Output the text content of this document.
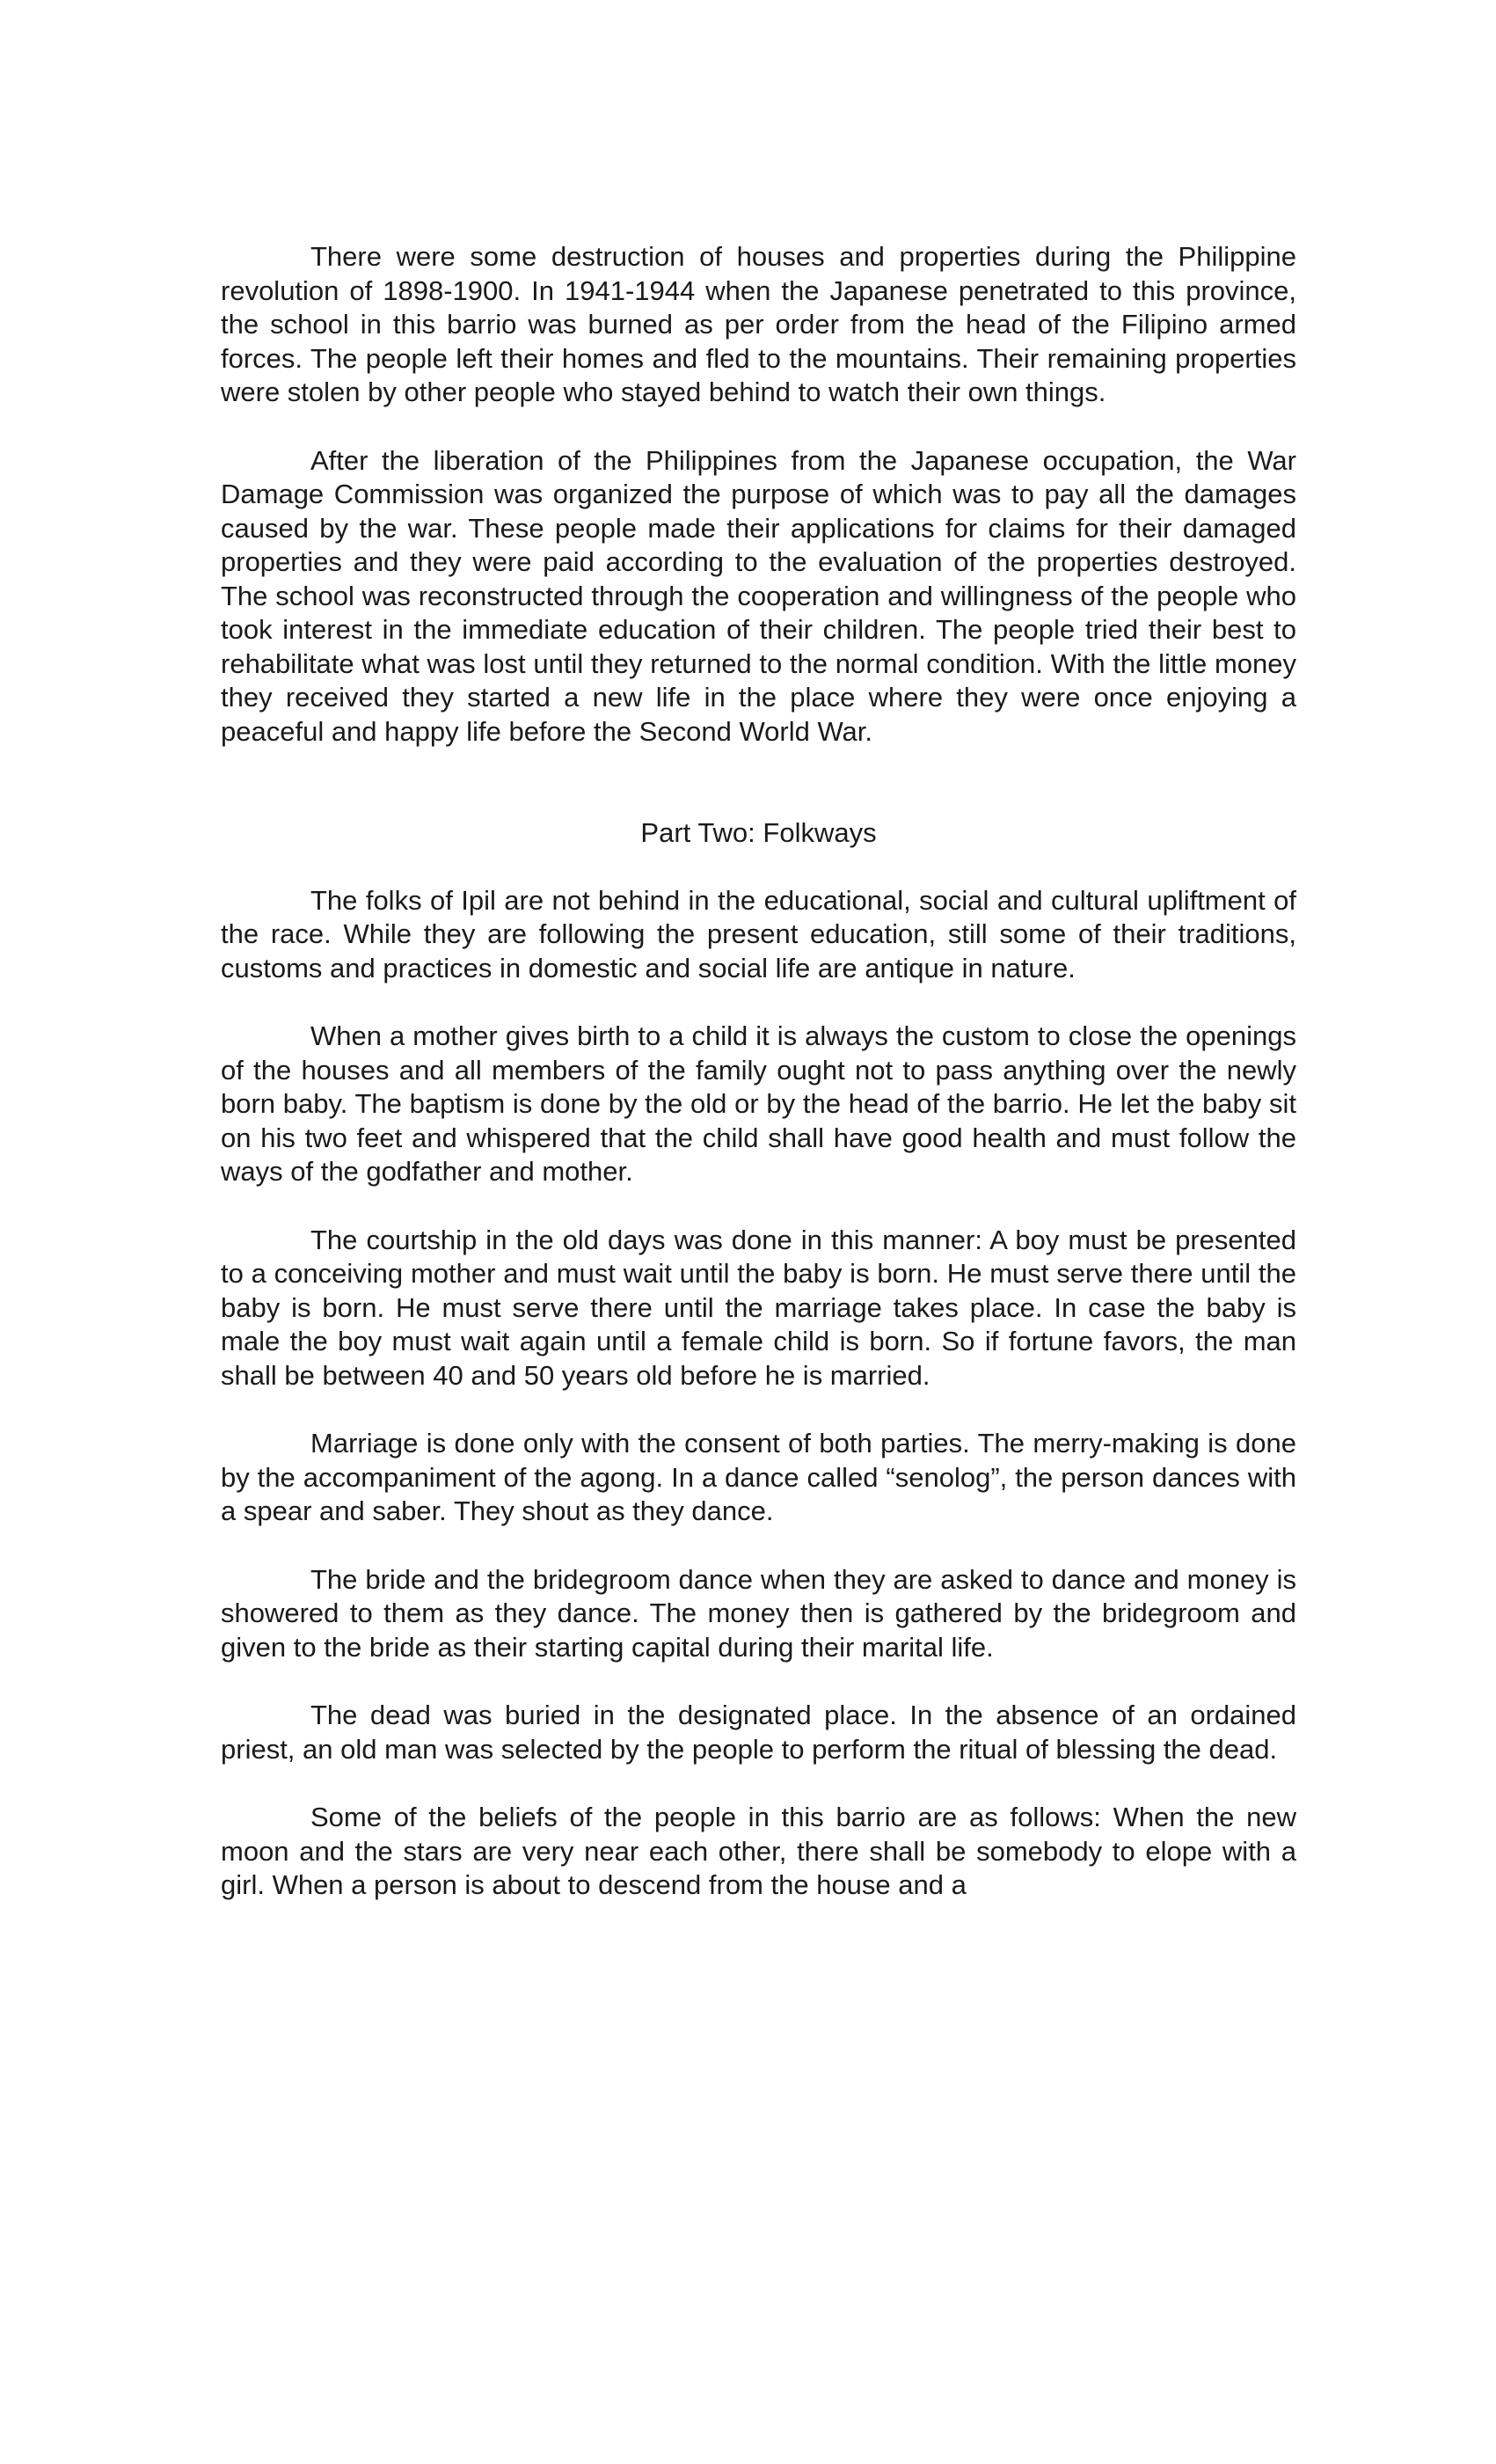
There were some destruction of houses and properties during the Philippine revolution of 1898-1900. In 1941-1944 when the Japanese penetrated to this province, the school in this barrio was burned as per order from the head of the Filipino armed forces. The people left their homes and fled to the mountains. Their remaining properties were stolen by other people who stayed behind to watch their own things.

After the liberation of the Philippines from the Japanese occupation, the War Damage Commission was organized the purpose of which was to pay all the damages caused by the war. These people made their applications for claims for their damaged properties and they were paid according to the evaluation of the properties destroyed. The school was reconstructed through the cooperation and willingness of the people who took interest in the immediate education of their children. The people tried their best to rehabilitate what was lost until they returned to the normal condition. With the little money they received they started a new life in the place where they were once enjoying a peaceful and happy life before the Second World War.

Part Two: Folkways

The folks of Ipil are not behind in the educational, social and cultural upliftment of the race. While they are following the present education, still some of their traditions, customs and practices in domestic and social life are antique in nature.

When a mother gives birth to a child it is always the custom to close the openings of the houses and all members of the family ought not to pass anything over the newly born baby. The baptism is done by the old or by the head of the barrio. He let the baby sit on his two feet and whispered that the child shall have good health and must follow the ways of the godfather and mother.

The courtship in the old days was done in this manner: A boy must be presented to a conceiving mother and must wait until the baby is born. He must serve there until the baby is born. He must serve there until the marriage takes place. In case the baby is male the boy must wait again until a female child is born. So if fortune favors, the man shall be between 40 and 50 years old before he is married.

Marriage is done only with the consent of both parties. The merry-making is done by the accompaniment of the agong. In a dance called “senolog”, the person dances with a spear and saber. They shout as they dance.

The bride and the bridegroom dance when they are asked to dance and money is showered to them as they dance. The money then is gathered by the bridegroom and given to the bride as their starting capital during their marital life.

The dead was buried in the designated place. In the absence of an ordained priest, an old man was selected by the people to perform the ritual of blessing the dead.

Some of the beliefs of the people in this barrio are as follows: When the new moon and the stars are very near each other, there shall be somebody to elope with a girl. When a person is about to descend from the house and a
